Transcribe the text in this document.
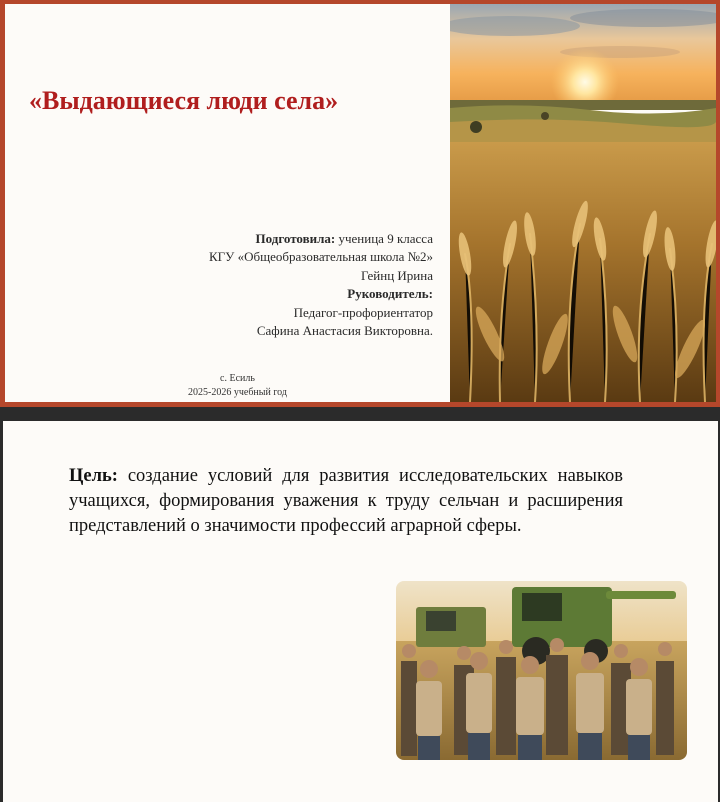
«Выдающиеся люди села»
Подготовила: ученица 9 класса
КГУ «Общеобразовательная школа №2»
Гейнц Ирина
Руководитель:
Педагог-профориентатор
Сафина Анастасия Викторовна.
с. Есиль
2025-2026 учебный год
Цель: создание условий для развития исследовательских навыков учащихся, формирования уважения к труду сельчан и расширения представлений о значимости профессий аграрной сферы.
